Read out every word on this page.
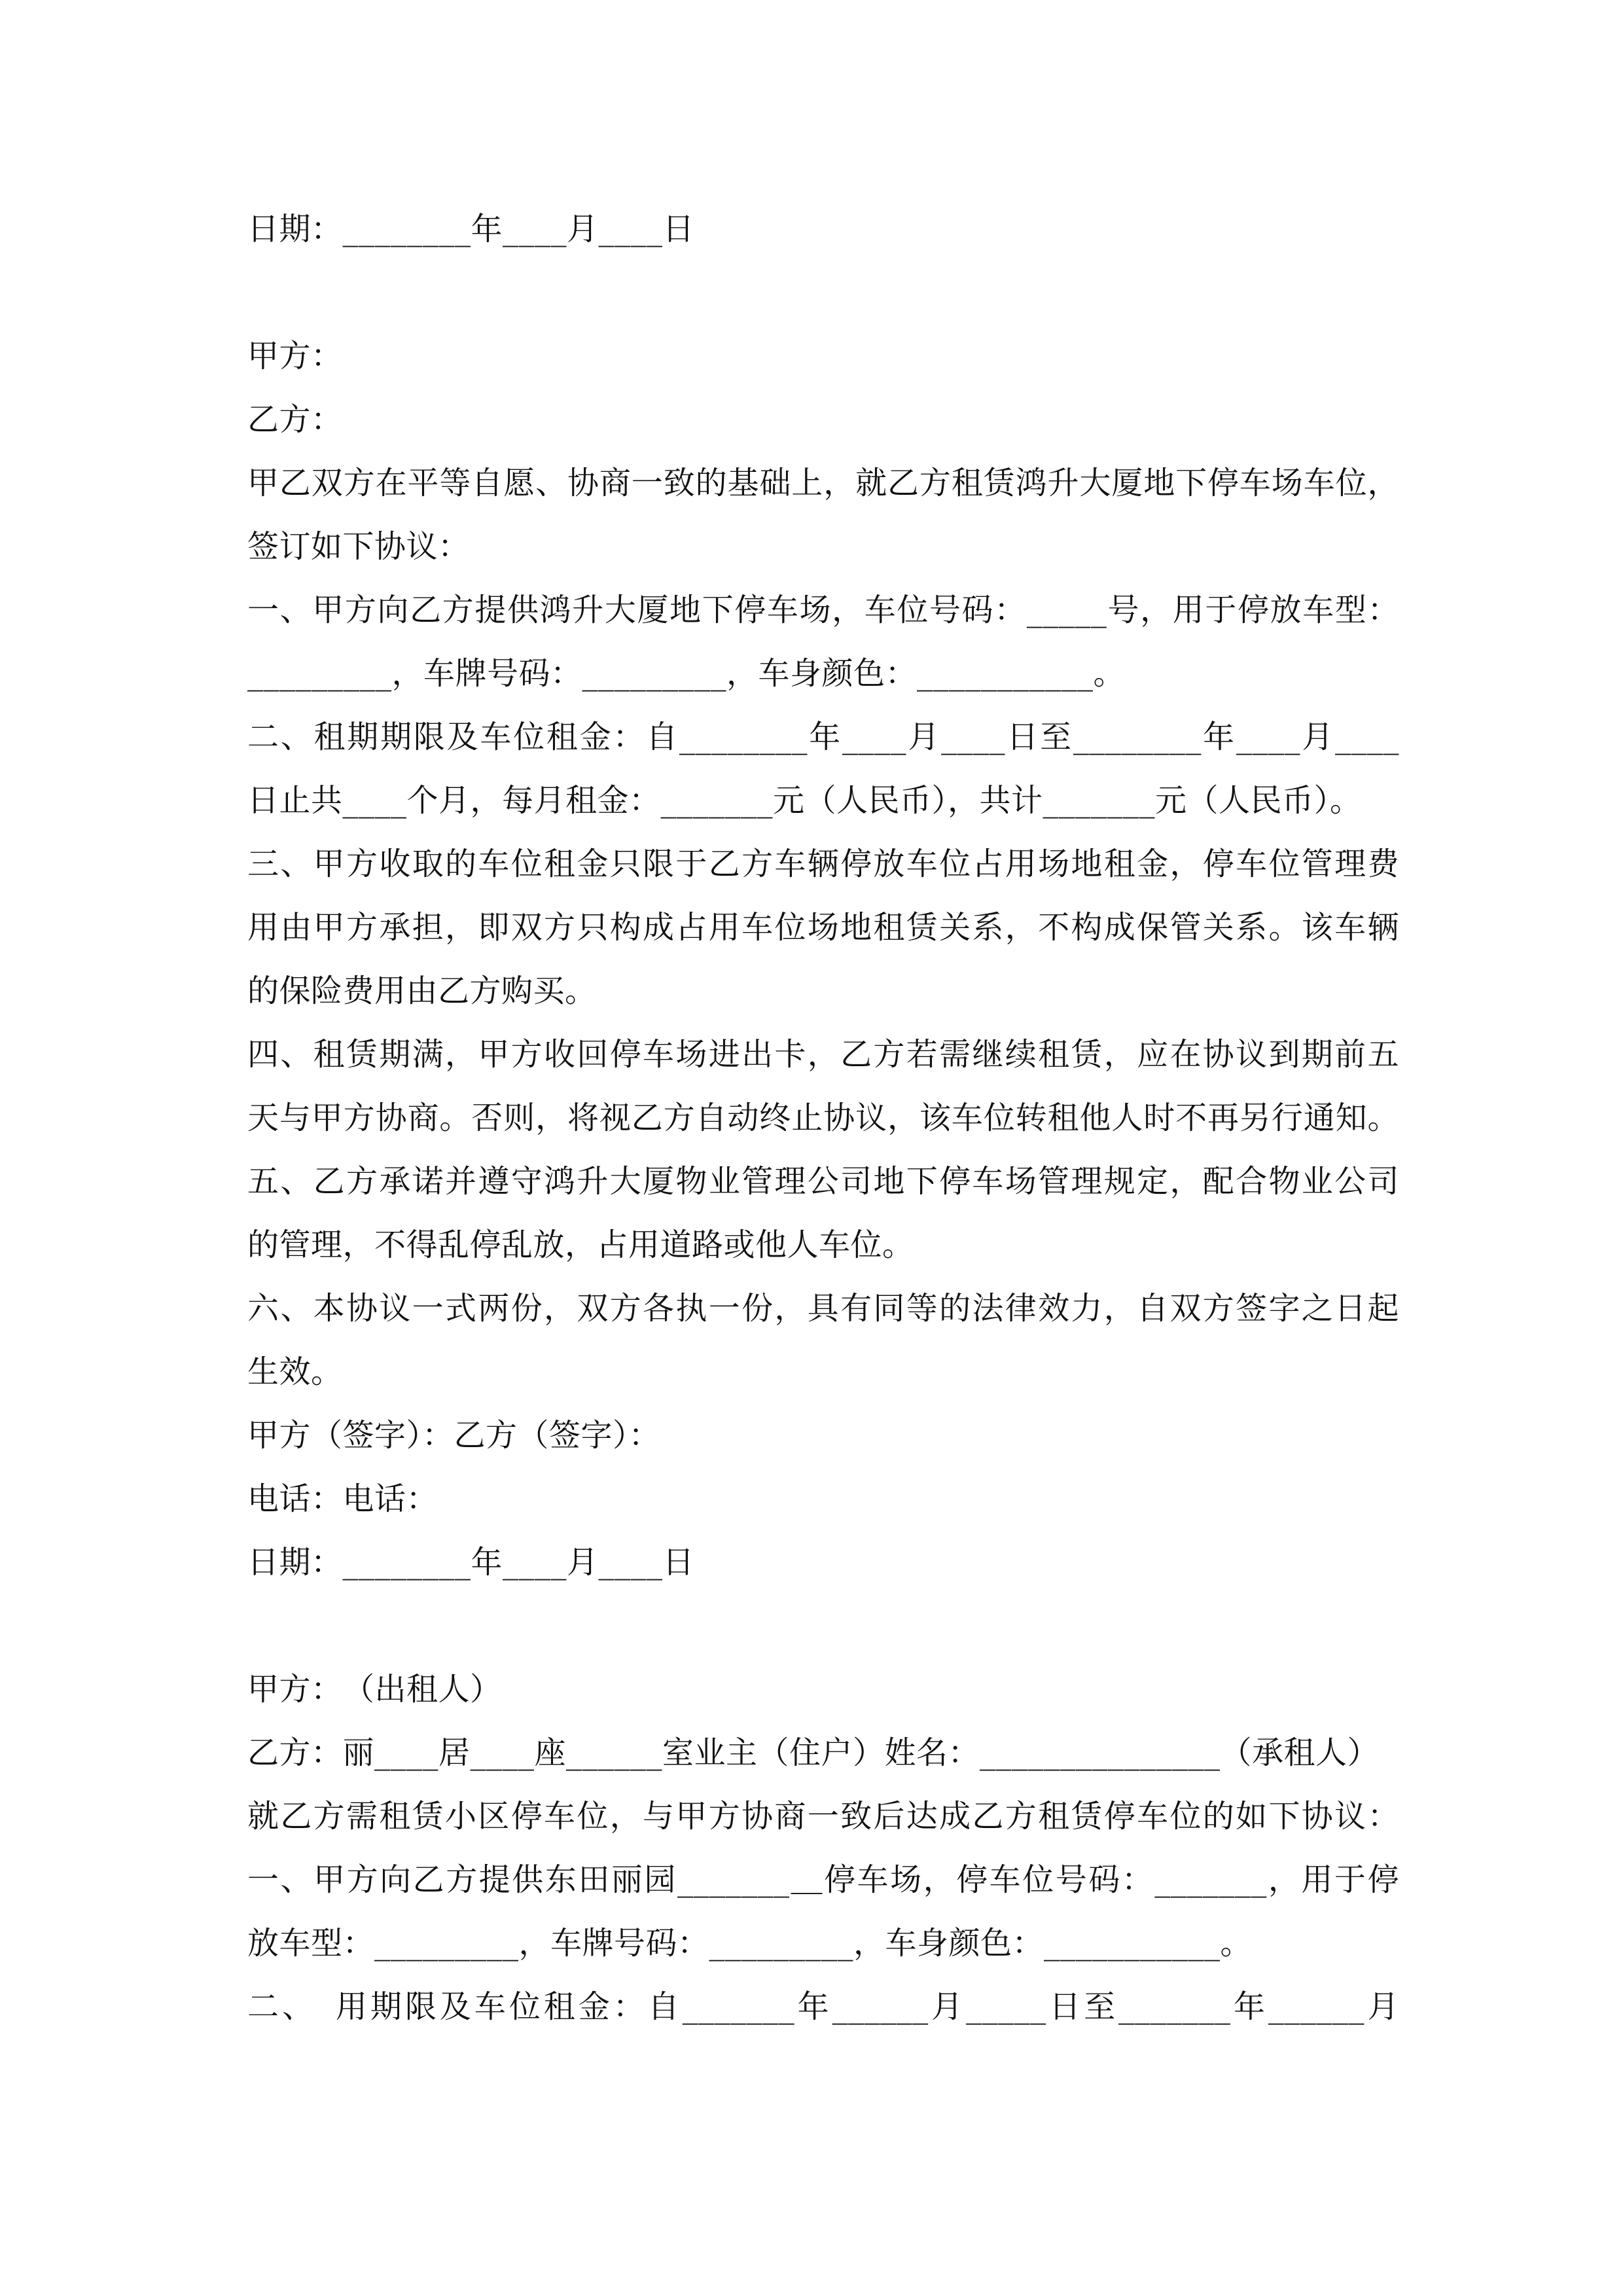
日期：________年____月____日
甲方：
乙方：
甲乙双方在平等自愿、协商一致的基础上，就乙方租赁鸿升大厦地下停车场车位，
签订如下协议：
一、甲方向乙方提供鸿升大厦地下停车场，车位号码：_____号，用于停放车型：
_________，车牌号码：_________，车身颜色：___________。
二、租期期限及车位租金：自________年____月____日至________年____月____
日止共____个月，每月租金：_______元（人民币），共计_______元（人民币）。
三、甲方收取的车位租金只限于乙方车辆停放车位占用场地租金，停车位管理费
用由甲方承担，即双方只构成占用车位场地租赁关系，不构成保管关系。该车辆
的保险费用由乙方购买。
四、租赁期满，甲方收回停车场进出卡，乙方若需继续租赁，应在协议到期前五
天与甲方协商。否则，将视乙方自动终止协议，该车位转租他人时不再另行通知。
五、乙方承诺并遵守鸿升大厦物业管理公司地下停车场管理规定，配合物业公司
的管理，不得乱停乱放，占用道路或他人车位。
六、本协议一式两份，双方各执一份，具有同等的法律效力，自双方签字之日起
生效。
甲方（签字）：乙方（签字）：
电话：电话：
日期：________年____月____日
甲方：　（出租人）
乙方：丽____居____座______室业主（住户）姓名：_______________（承租人）
就乙方需租赁小区停车位，与甲方协商一致后达成乙方租赁停车位的如下协议：
一、甲方向乙方提供东田丽园_______＿停车场，停车位号码：_______，用于停
放车型：_________，车牌号码：_________，车身颜色：___________。
二、　用期限及车位租金：自_______年______月_____日至_______年______月
